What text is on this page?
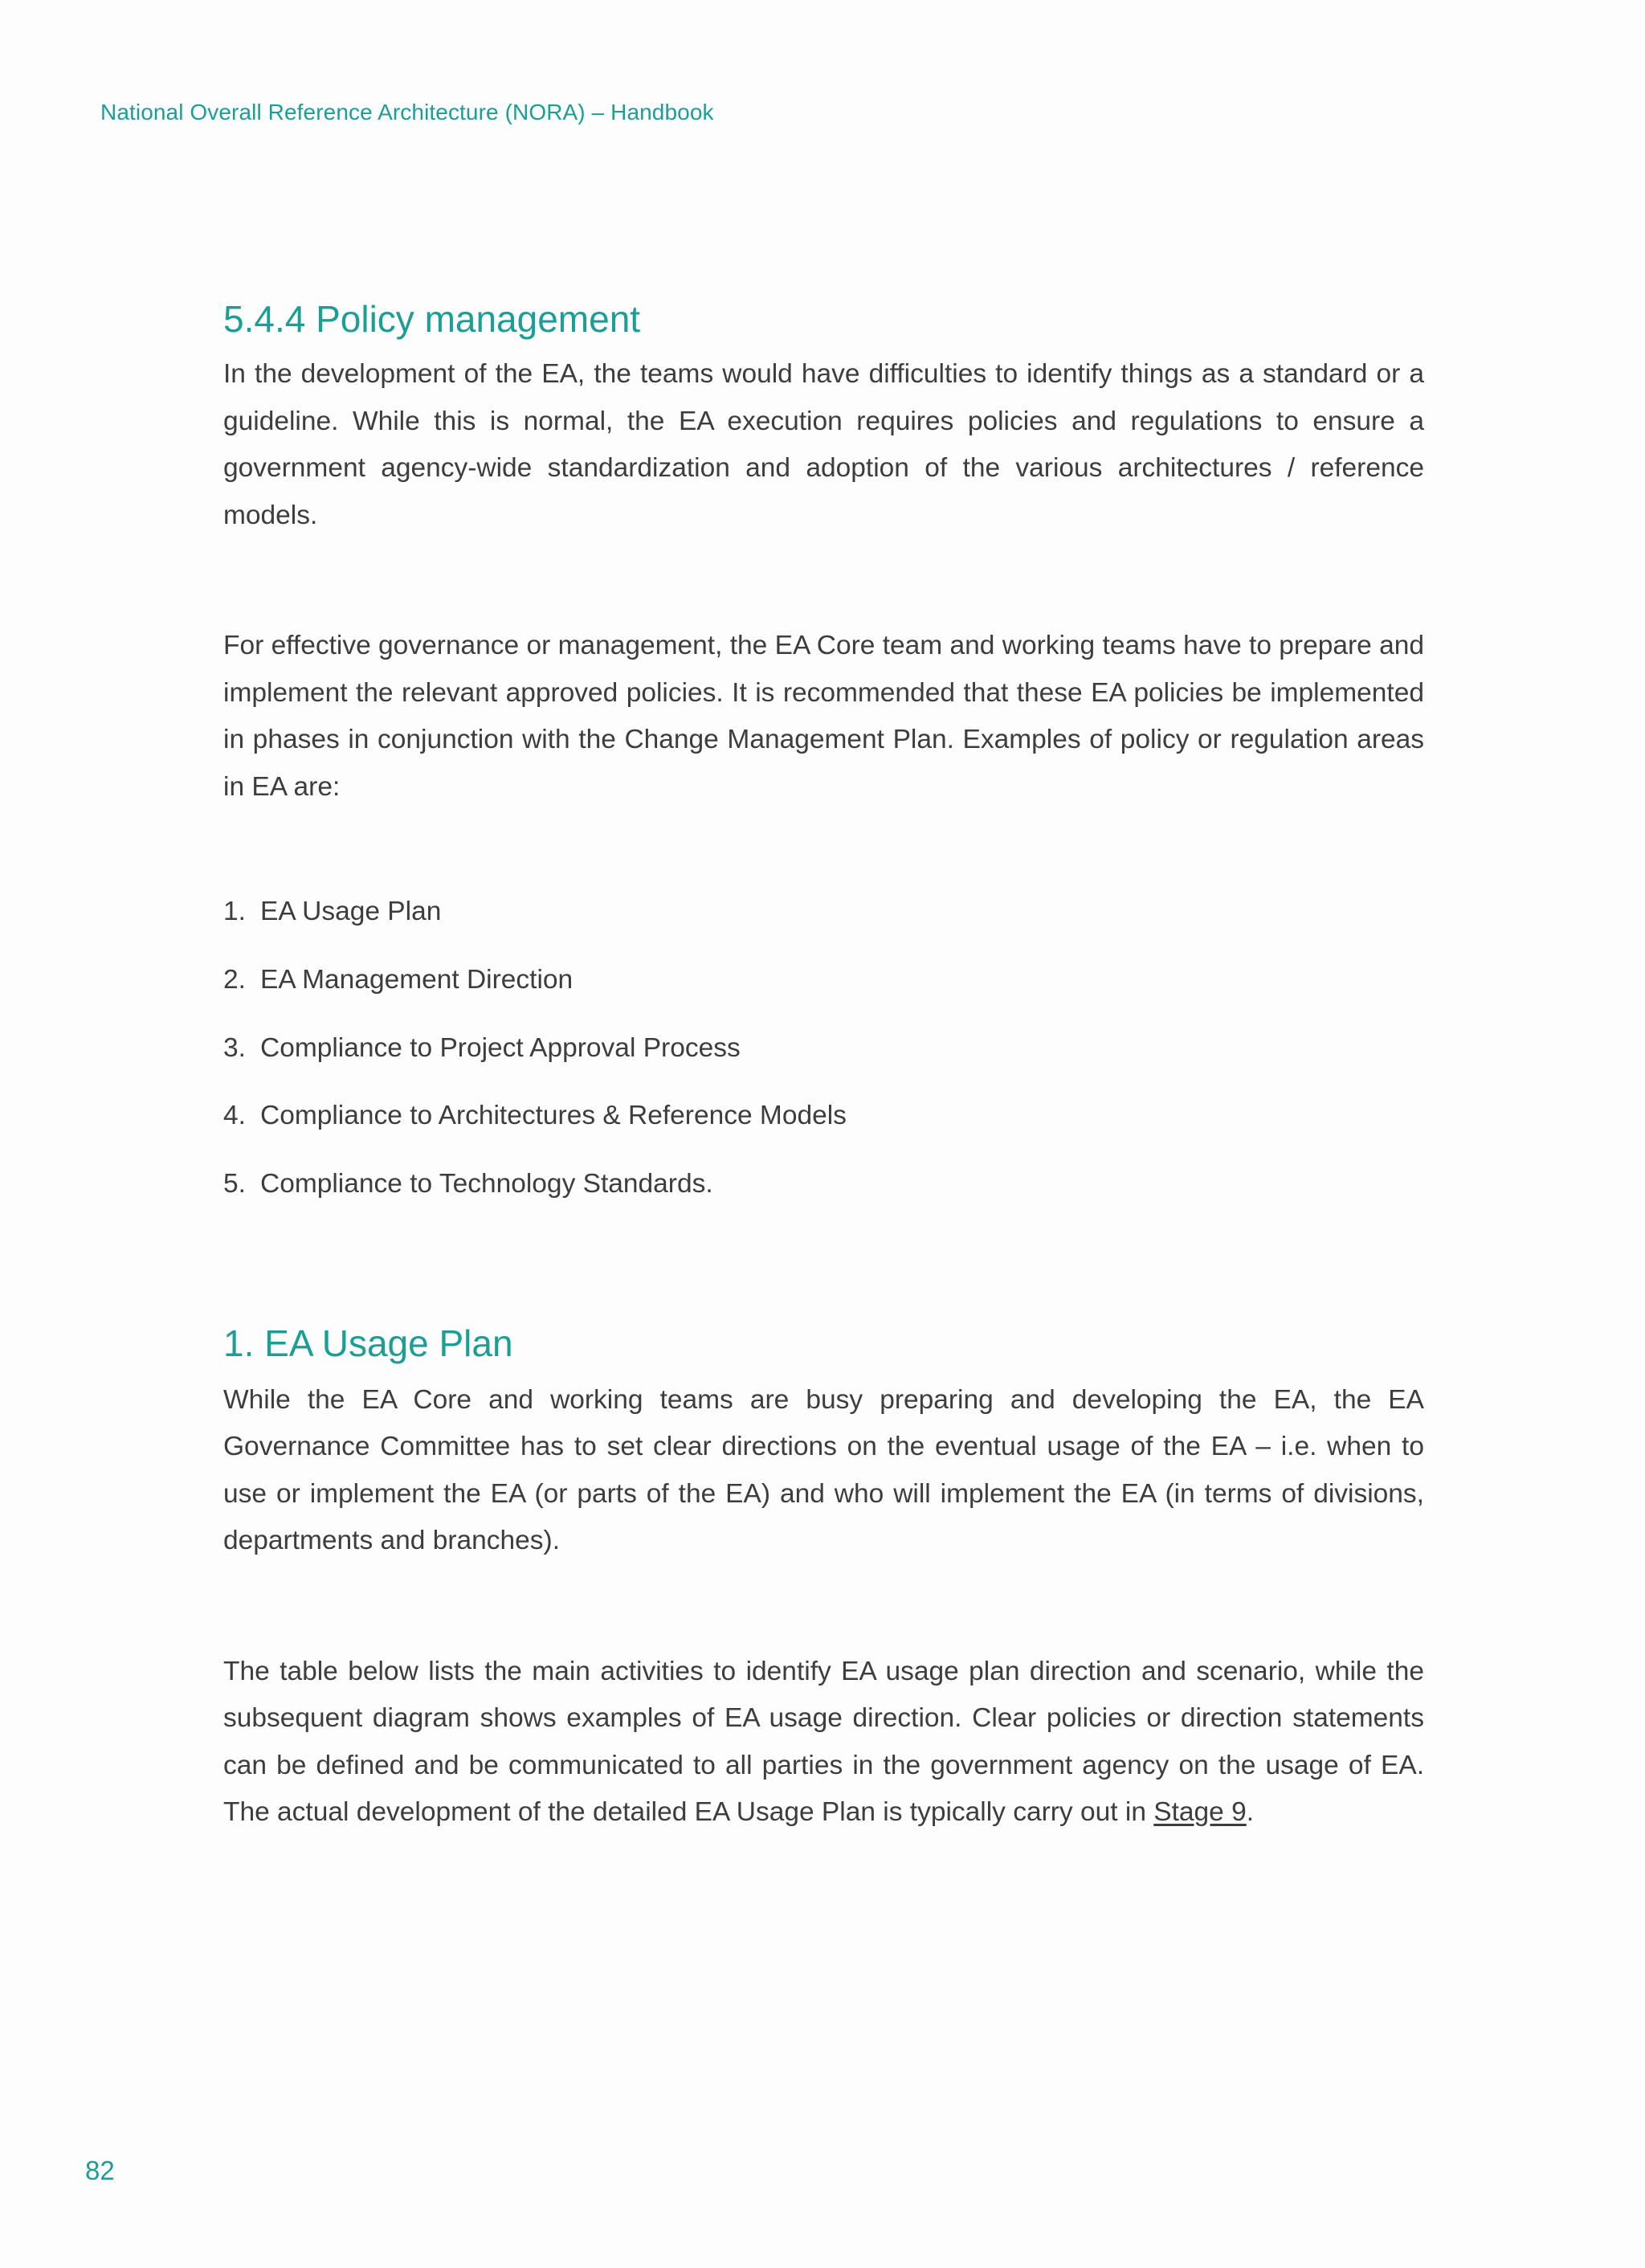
National Overall Reference Architecture (NORA) – Handbook
5.4.4 Policy management

In the development of the EA, the teams would have difficulties to identify things as a standard or a guideline. While this is normal, the EA execution requires policies and regulations to ensure a government agency-wide standardization and adoption of the various architectures / reference models.

For effective governance or management, the EA Core team and working teams have to prepare and implement the relevant approved policies. It is recommended that these EA policies be implemented in phases in conjunction with the Change Management Plan. Examples of policy or regulation areas in EA are:

1. EA Usage Plan
2. EA Management Direction
3. Compliance to Project Approval Process
4. Compliance to Architectures & Reference Models
5. Compliance to Technology Standards.
1. EA Usage Plan

While the EA Core and working teams are busy preparing and developing the EA, the EA Governance Committee has to set clear directions on the eventual usage of the EA – i.e. when to use or implement the EA (or parts of the EA) and who will implement the EA (in terms of divisions, departments and branches).

The table below lists the main activities to identify EA usage plan direction and scenario, while the subsequent diagram shows examples of EA usage direction. Clear policies or direction statements can be defined and be communicated to all parties in the government agency on the usage of EA. The actual development of the detailed EA Usage Plan is typically carry out in Stage 9.

82
